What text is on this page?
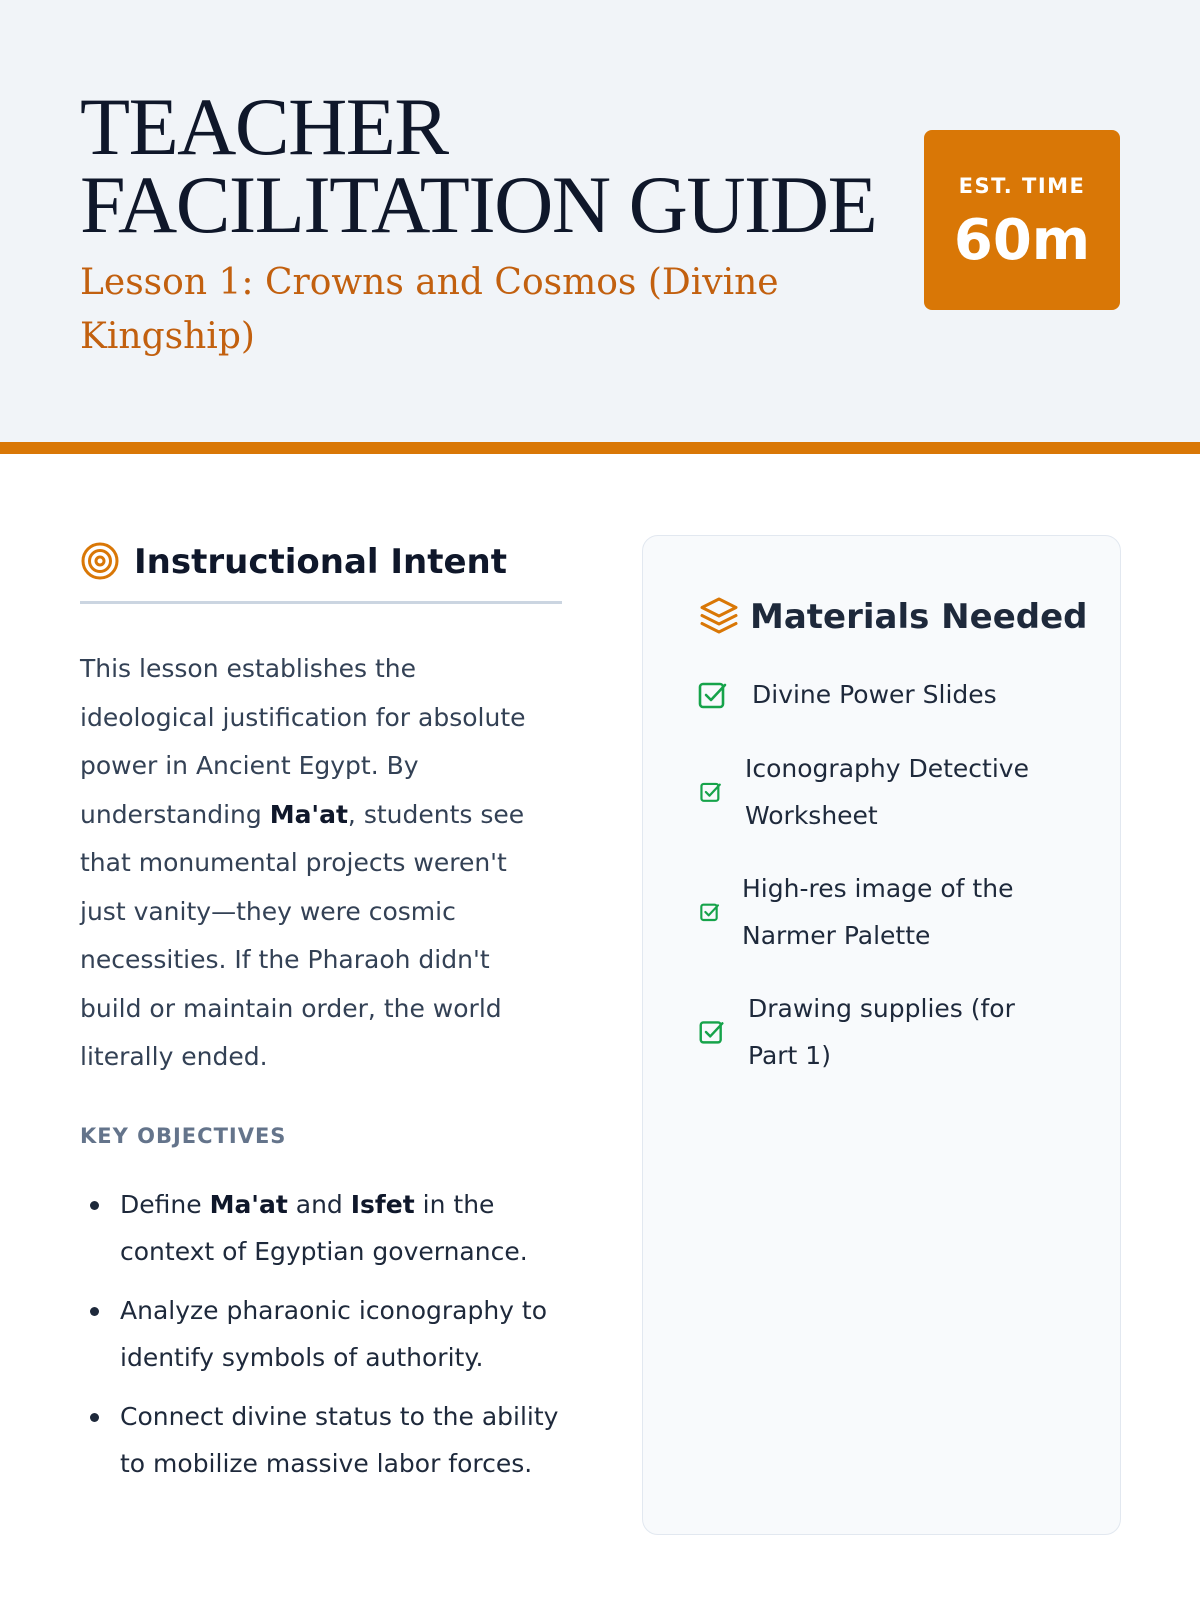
TEACHER
FACILITATION GUIDE
Lesson 1: Crowns and Cosmos (Divine Kingship)
EST. TIME
60m
Instructional Intent

This lesson establishes the ideological justification for absolute power in Ancient Egypt. By understanding Ma'at, students see that monumental projects weren't just vanity—they were cosmic necessities. If the Pharaoh didn't build or maintain order, the world literally ended.

KEY OBJECTIVES
Define Ma'at and Isfet in the context of Egyptian governance.
Analyze pharaonic iconography to identify symbols of authority.
Connect divine status to the ability to mobilize massive labor forces.
Materials Needed
Divine Power Slides
Iconography Detective Worksheet
High-res image of the Narmer Palette
Drawing supplies (for Part 1)
